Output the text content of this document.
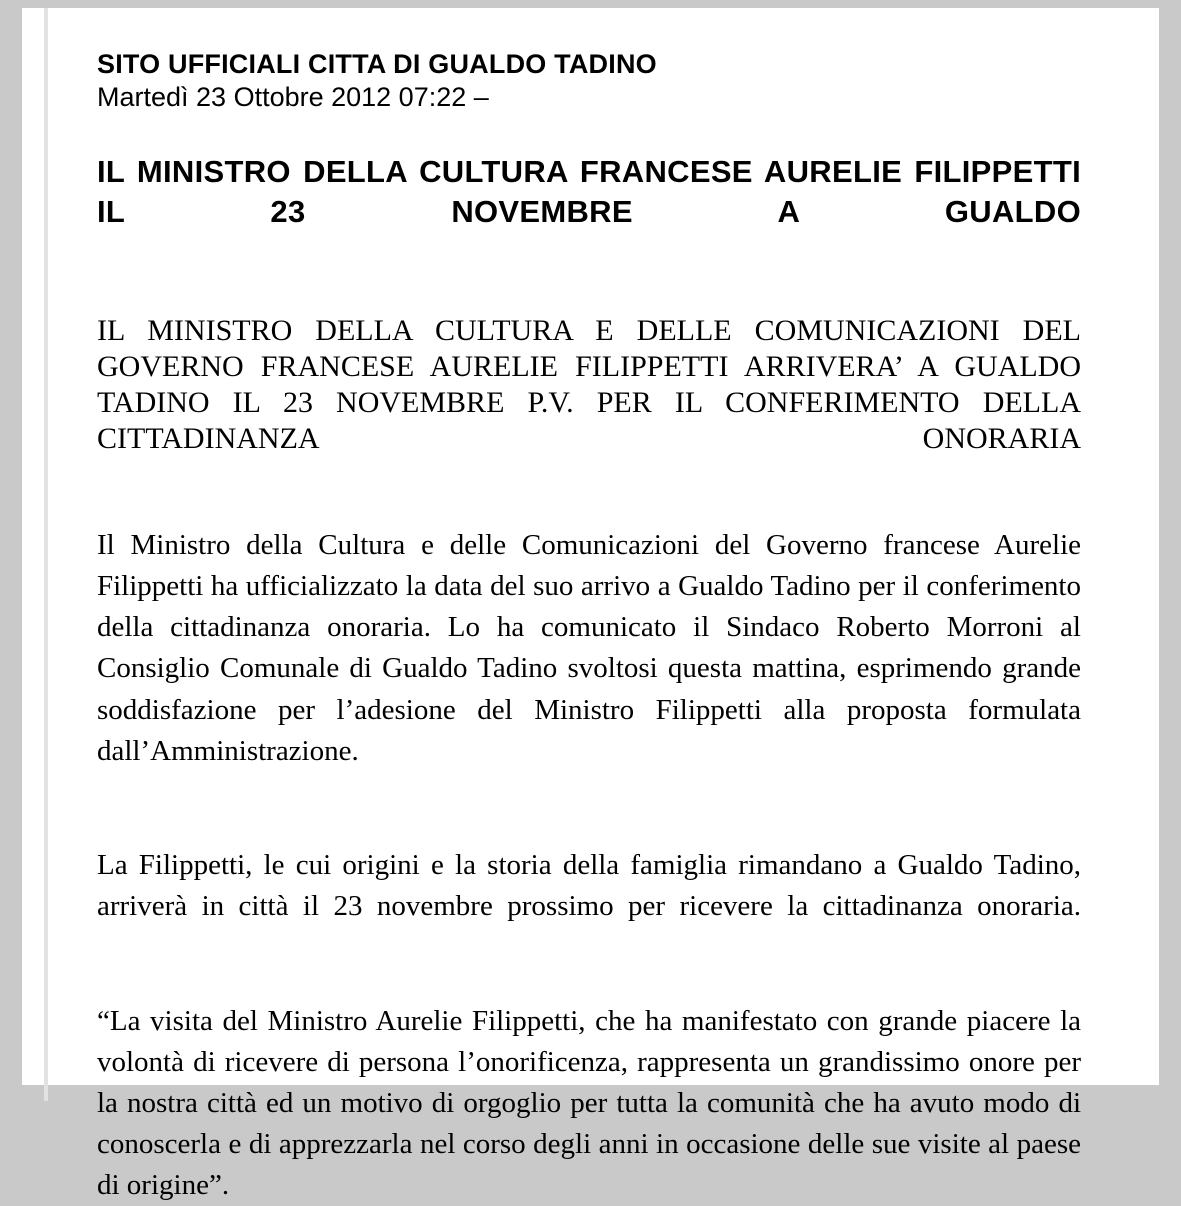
SITO UFFICIALI CITTA DI GUALDO TADINO

Martedì 23 Ottobre 2012 07:22 –

IL MINISTRO DELLA CULTURA FRANCESE AURELIE FILIPPETTI IL 23 NOVEMBRE A GUALDO

IL MINISTRO DELLA CULTURA E DELLE COMUNICAZIONI DEL GOVERNO FRANCESE AURELIE FILIPPETTI ARRIVERA’ A GUALDO TADINO IL 23 NOVEMBRE P.V. PER IL CONFERIMENTO DELLA CITTADINANZA ONORARIA

Il Ministro della Cultura e delle Comunicazioni del Governo francese Aurelie Filippetti ha ufficializzato la data del suo arrivo a Gualdo Tadino per il conferimento della cittadinanza onoraria. Lo ha comunicato il Sindaco Roberto Morroni al Consiglio Comunale di Gualdo Tadino svoltosi questa mattina, esprimendo grande soddisfazione per l’adesione del Ministro Filippetti alla proposta formulata dall’Amministrazione.

La Filippetti, le cui origini e la storia della famiglia rimandano a Gualdo Tadino, arriverà in città il 23 novembre prossimo per ricevere la cittadinanza onoraria.

“La visita del Ministro Aurelie Filippetti, che ha manifestato con grande piacere la volontà di ricevere di persona l’onorificenza, rappresenta un grandissimo onore per la nostra città ed un motivo di orgoglio per tutta la comunità che ha avuto modo di conoscerla e di apprezzarla nel corso degli anni in occasione delle sue visite al paese di origine”.
